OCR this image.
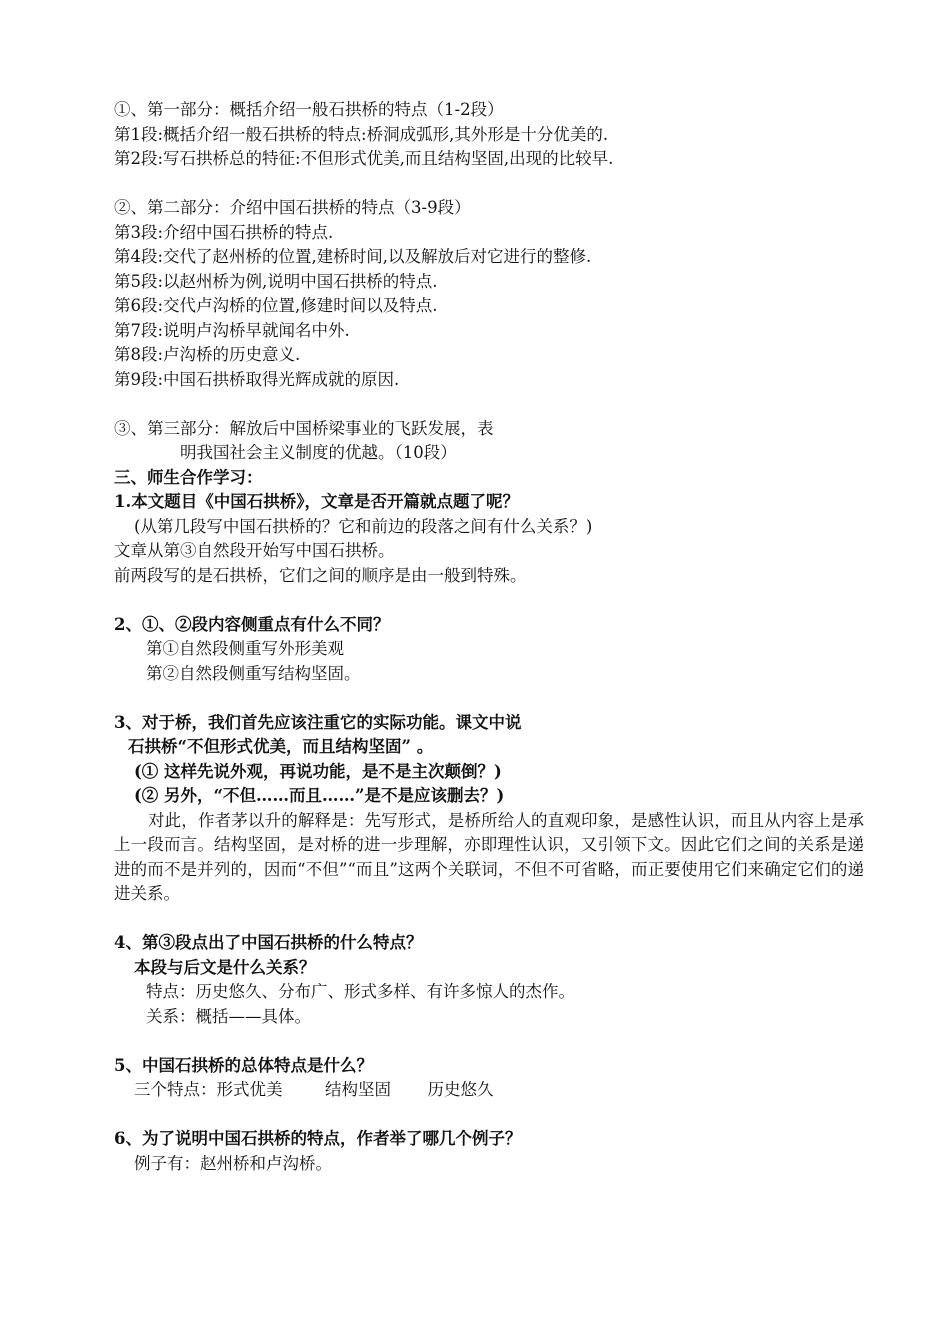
①、第一部分：概括介绍一般石拱桥的特点（1-2段）
第1段:概括介绍一般石拱桥的特点:桥洞成弧形,其外形是十分优美的.
第2段:写石拱桥总的特征:不但形式优美,而且结构坚固,出现的比较早.
②、第二部分：介绍中国石拱桥的特点（3-9段）
第3段:介绍中国石拱桥的特点.
第4段:交代了赵州桥的位置,建桥时间,以及解放后对它进行的整修.
第5段:以赵州桥为例,说明中国石拱桥的特点.
第6段:交代卢沟桥的位置,修建时间以及特点.
第7段:说明卢沟桥早就闻名中外.
第8段:卢沟桥的历史意义.
第9段:中国石拱桥取得光辉成就的原因.
③、第三部分：解放后中国桥梁事业的飞跃发展，表
明我国社会主义制度的优越。（10段）
三、师生合作学习：
1.本文题目《中国石拱桥》，文章是否开篇就点题了呢？
(从第几段写中国石拱桥的？它和前边的段落之间有什么关系？)
文章从第③自然段开始写中国石拱桥。
前两段写的是石拱桥，它们之间的顺序是由一般到特殊。
2、①、②段内容侧重点有什么不同？
第①自然段侧重写外形美观
第②自然段侧重写结构坚固。
3、对于桥，我们首先应该注重它的实际功能。课文中说
石拱桥“不但形式优美，而且结构坚固” 。
(① 这样先说外观，再说功能，是不是主次颠倒？)
(② 另外，“不但……而且……”是不是应该删去？)
对此，作者茅以升的解释是：先写形式，是桥所给人的直观印象，是感性认识，而且从内容上是承上一段而言。结构坚固，是对桥的进一步理解，亦即理性认识，又引领下文。因此它们之间的关系是递进的而不是并列的，因而“不但”“而且”这两个关联词，不但不可省略，而正要使用它们来确定它们的递进关系。
4、第③段点出了中国石拱桥的什么特点？
本段与后文是什么关系？
特点：历史悠久、分布广、形式多样、有许多惊人的杰作。
关系：概括——具体。
5、中国石拱桥的总体特点是什么？
三个特点：形式优美	结构坚固 历史悠久
6、为了说明中国石拱桥的特点，作者举了哪几个例子？
例子有：赵州桥和卢沟桥。
